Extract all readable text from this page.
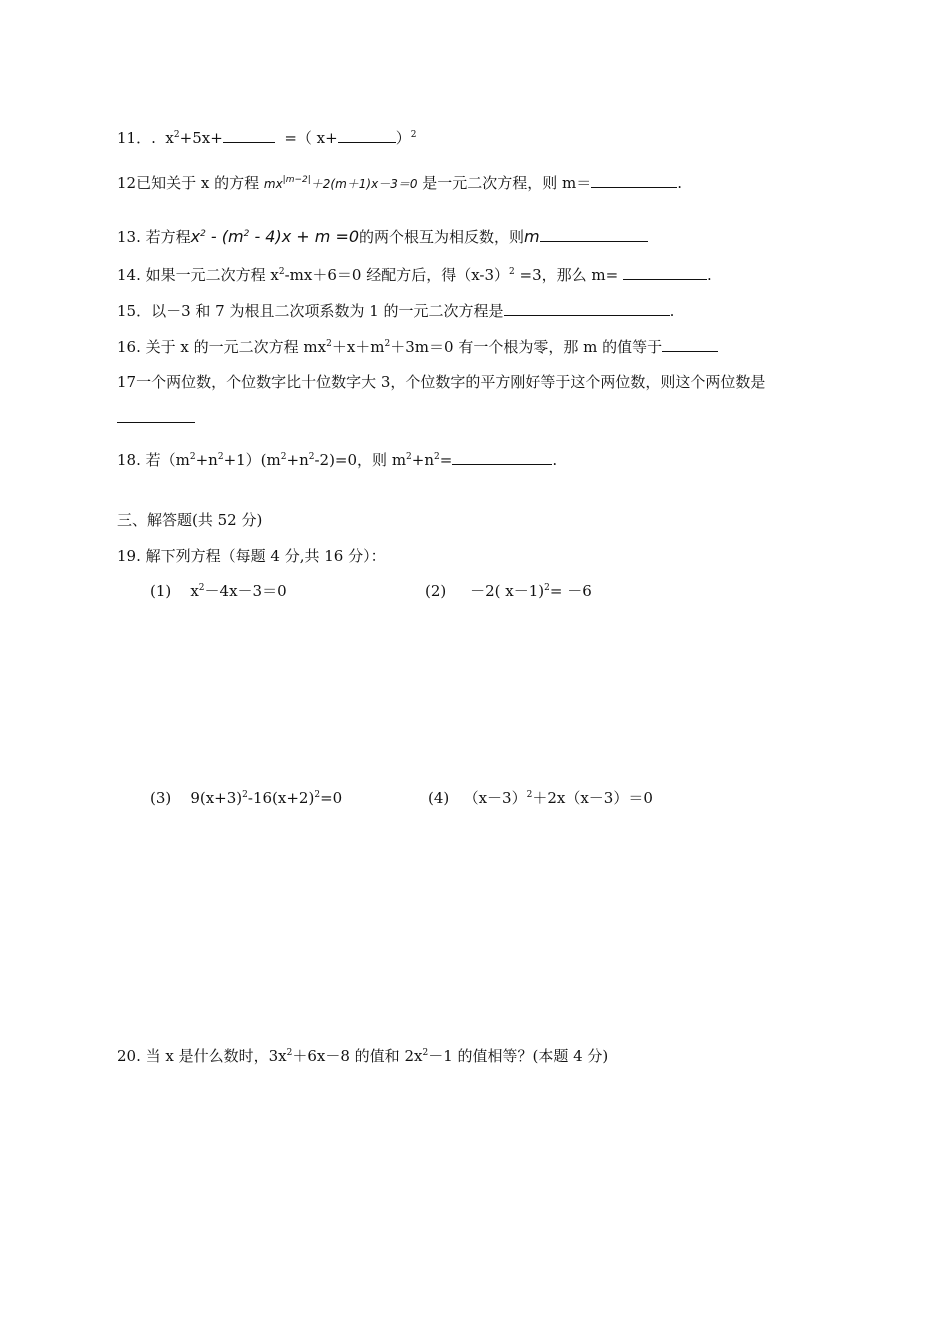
11．. $x^2+5x+$	=（ x+	）$^2$
12已知关于 x 的方程 $mx^{|m-2|}+2(m+1)x-3=0$ 是一元二次方程，则 m＝	.
13. 若方程$x^2 - (m^2 - 4)x + m =0$的两个根互为相反数，则m
14. 如果一元二次方程 $x^2-mx+6=0$ 经配方后，得$(x-3)^2 =3$，那么 m=	.
15．以－3 和 7 为根且二次项系数为 1 的一元二次方程是	.
16. 关于 x 的一元二次方程 $mx^2+x+m^2+3m=0$ 有一个根为零，那 m 的值等于
17一个两位数，个位数字比十位数字大 3，个位数字的平方刚好等于这个两位数，则这个两位数是
18. 若$(m^2+n^2+1)(m^2+n^2-2)=0$，则 $m^2+n^2=$	.
三、解答题(共 52 分)
19. 解下列方程（每题 4 分,共 16 分）：
(1) $x^2-4x-3=0$	(2) －2( x－1)$^2$= －6
(3) $9(x+3)^2-16(x+2)^2=0$	(4) $(x-3)^2+2x(x-3)=0$
20. 当 x 是什么数时，$3x^2+6x-8$ 的值和 $2x^2-1$ 的值相等？(本题 4 分)
